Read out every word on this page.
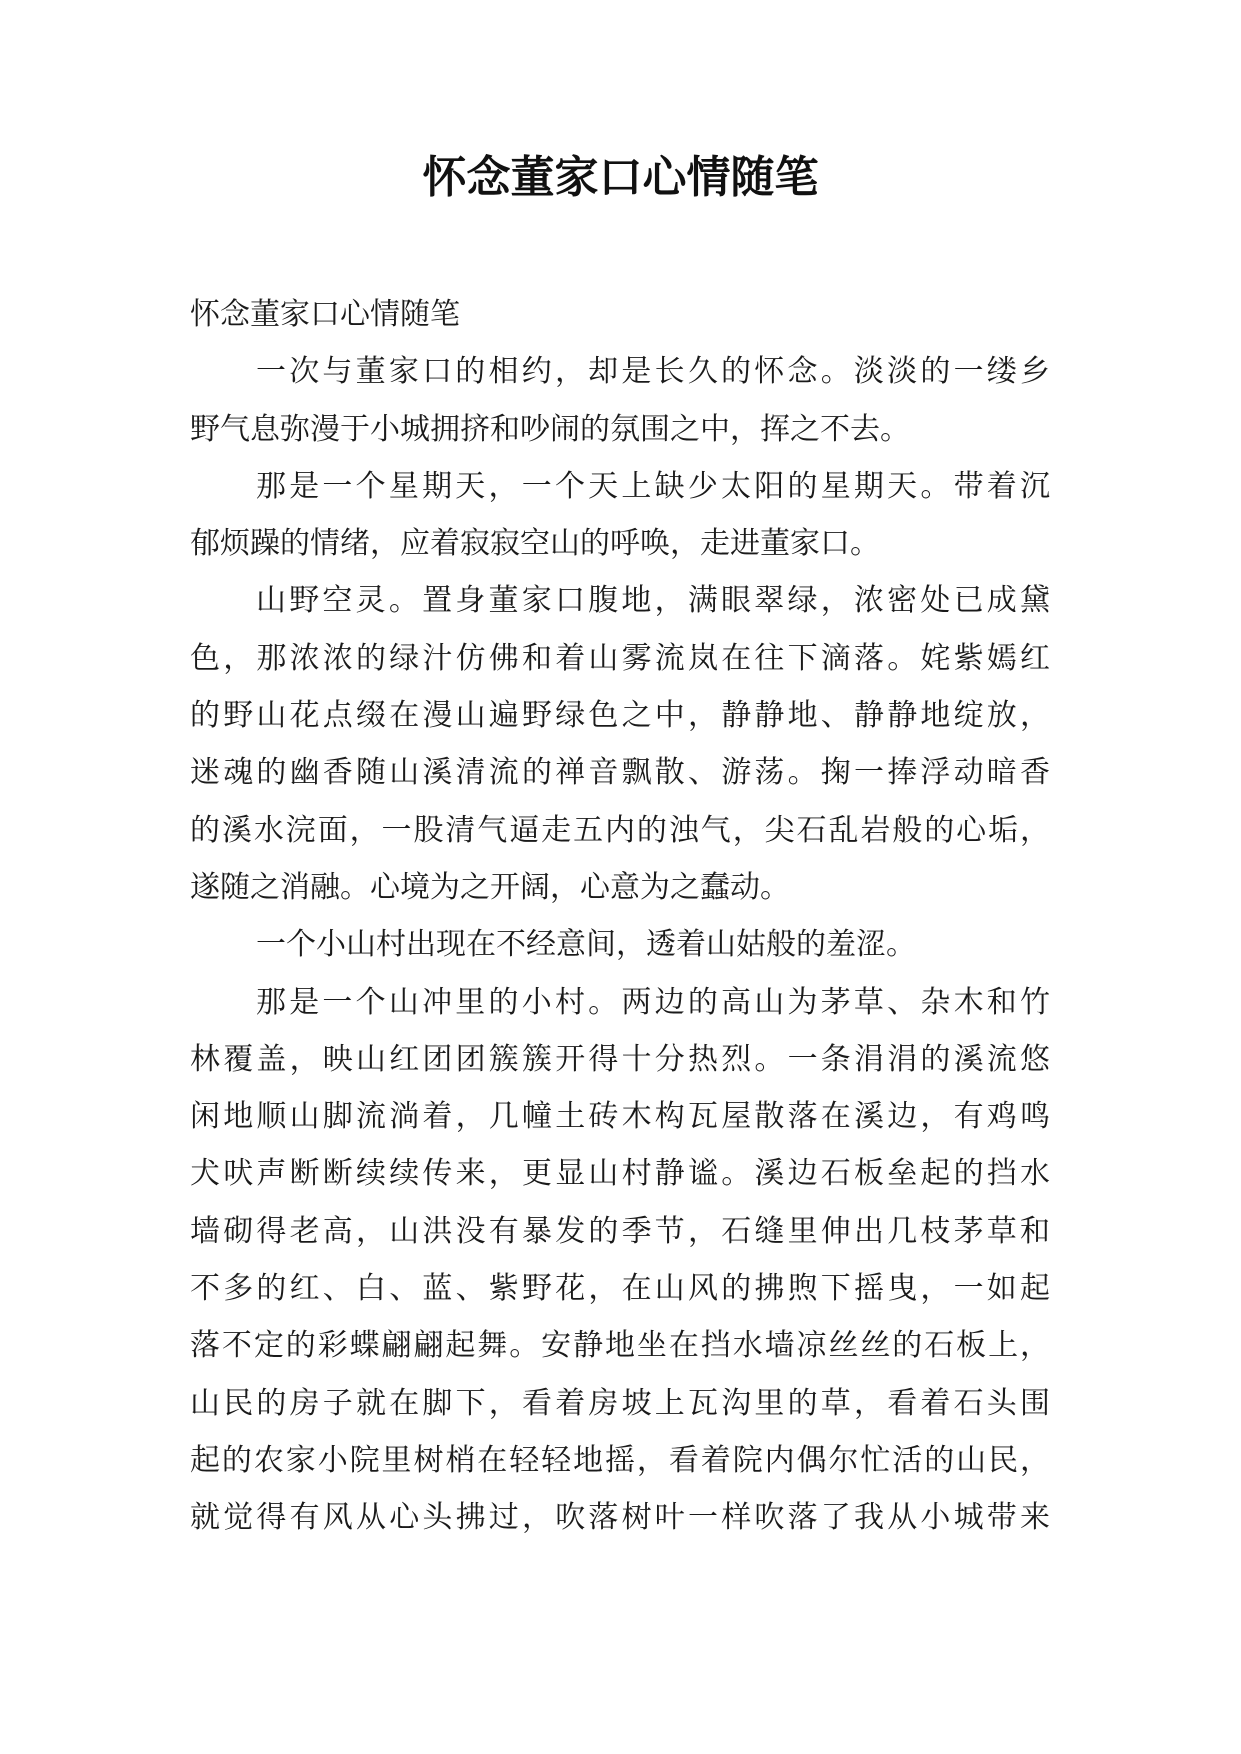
怀念董家口心情随笔
怀念董家口心情随笔
一次与董家口的相约，却是长久的怀念。淡淡的一缕乡
野气息弥漫于小城拥挤和吵闹的氛围之中，挥之不去。
那是一个星期天，一个天上缺少太阳的星期天。带着沉
郁烦躁的情绪，应着寂寂空山的呼唤，走进董家口。
山野空灵。置身董家口腹地，满眼翠绿，浓密处已成黛
色，那浓浓的绿汁仿佛和着山雾流岚在往下滴落。姹紫嫣红
的野山花点缀在漫山遍野绿色之中，静静地、静静地绽放，
迷魂的幽香随山溪清流的禅音飘散、游荡。掬一捧浮动暗香
的溪水浣面，一股清气逼走五内的浊气，尖石乱岩般的心垢，
遂随之消融。心境为之开阔，心意为之蠢动。
一个小山村出现在不经意间，透着山姑般的羞涩。
那是一个山冲里的小村。两边的高山为茅草、杂木和竹
林覆盖，映山红团团簇簇开得十分热烈。一条涓涓的溪流悠
闲地顺山脚流淌着，几幢土砖木构瓦屋散落在溪边，有鸡鸣
犬吠声断断续续传来，更显山村静谧。溪边石板垒起的挡水
墙砌得老高，山洪没有暴发的季节，石缝里伸出几枝茅草和
不多的红、白、蓝、紫野花，在山风的拂煦下摇曳，一如起
落不定的彩蝶翩翩起舞。安静地坐在挡水墙凉丝丝的石板上，
山民的房子就在脚下，看着房坡上瓦沟里的草，看着石头围
起的农家小院里树梢在轻轻地摇，看着院内偶尔忙活的山民，
就觉得有风从心头拂过，吹落树叶一样吹落了我从小城带来
